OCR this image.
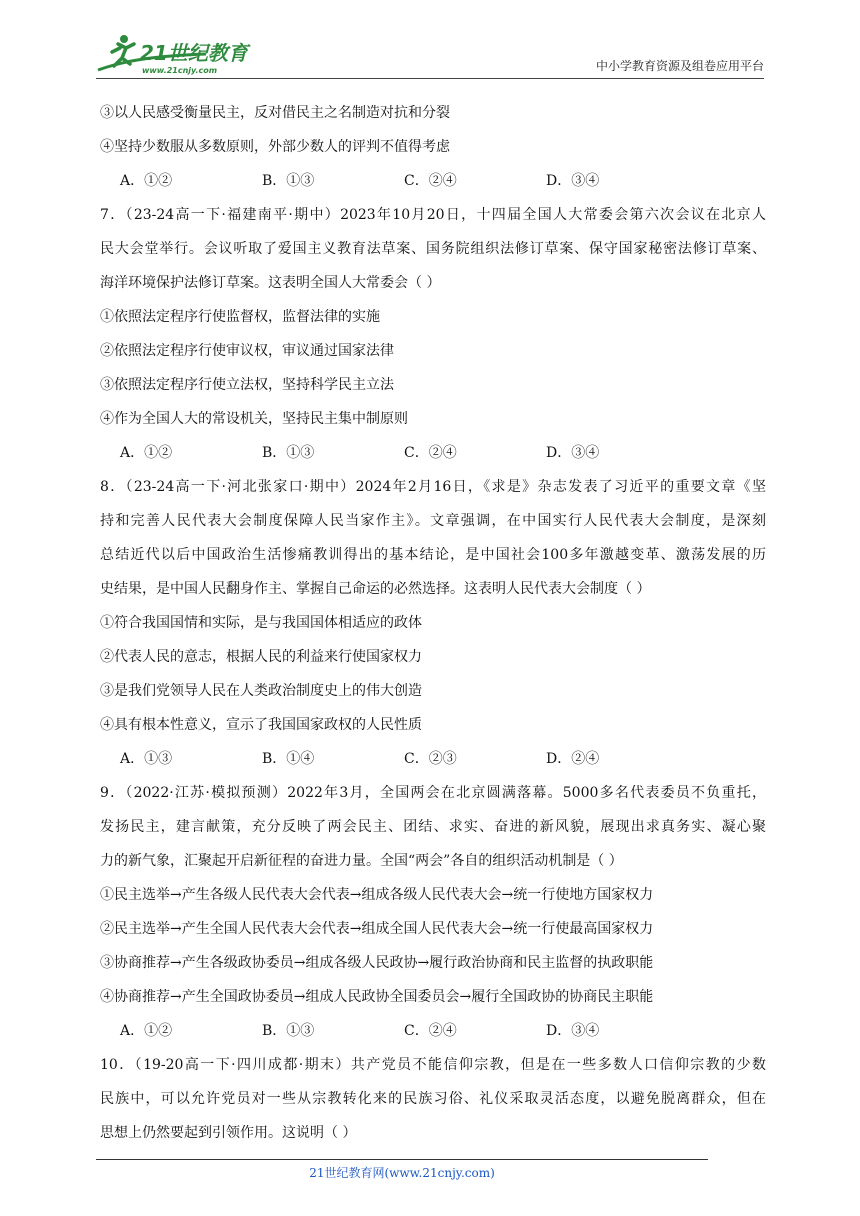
21世纪教育
www.21cnjy.com	中小学教育资源及组卷应用平台
③以人民感受衡量民主，反对借民主之名制造对抗和分裂
④坚持少数服从多数原则，外部少数人的评判不值得考虑
A．①②	B．①③	C．②④	D．③④
7．（23-24高一下·福建南平·期中）2023年10月20日，十四届全国人大常委会第六次会议在北京人
民大会堂举行。会议听取了爱国主义教育法草案、国务院组织法修订草案、保守国家秘密法修订草案、
海洋环境保护法修订草案。这表明全国人大常委会（ ）
①依照法定程序行使监督权，监督法律的实施
②依照法定程序行使审议权，审议通过国家法律
③依照法定程序行使立法权，坚持科学民主立法
④作为全国人大的常设机关，坚持民主集中制原则
A．①②	B．①③	C．②④	D．③④
8．（23-24高一下·河北张家口·期中）2024年2月16日，《求是》杂志发表了习近平的重要文章《坚
持和完善人民代表大会制度保障人民当家作主》。文章强调，在中国实行人民代表大会制度，是深刻
总结近代以后中国政治生活惨痛教训得出的基本结论，是中国社会100多年激越变革、激荡发展的历
史结果，是中国人民翻身作主、掌握自己命运的必然选择。这表明人民代表大会制度（ ）
①符合我国国情和实际，是与我国国体相适应的政体
②代表人民的意志，根据人民的利益来行使国家权力
③是我们党领导人民在人类政治制度史上的伟大创造
④具有根本性意义，宣示了我国国家政权的人民性质
A．①③	B．①④	C．②③	D．②④
9．（2022·江苏·模拟预测）2022年3月，全国两会在北京圆满落幕。5000多名代表委员不负重托，
发扬民主，建言献策，充分反映了两会民主、团结、求实、奋进的新风貌，展现出求真务实、凝心聚
力的新气象，汇聚起开启新征程的奋进力量。全国“两会”各自的组织活动机制是（ ）
①民主选举→产生各级人民代表大会代表→组成各级人民代表大会→统一行使地方国家权力
②民主选举→产生全国人民代表大会代表→组成全国人民代表大会→统一行使最高国家权力
③协商推荐→产生各级政协委员→组成各级人民政协→履行政治协商和民主监督的执政职能
④协商推荐→产生全国政协委员→组成人民政协全国委员会→履行全国政协的协商民主职能
A．①②	B．①③	C．②④	D．③④
10．（19-20高一下·四川成都·期末）共产党员不能信仰宗教，但是在一些多数人口信仰宗教的少数
民族中，可以允许党员对一些从宗教转化来的民族习俗、礼仪采取灵活态度，以避免脱离群众，但在
思想上仍然要起到引领作用。这说明（ ）
21世纪教育网(www.21cnjy.com)
